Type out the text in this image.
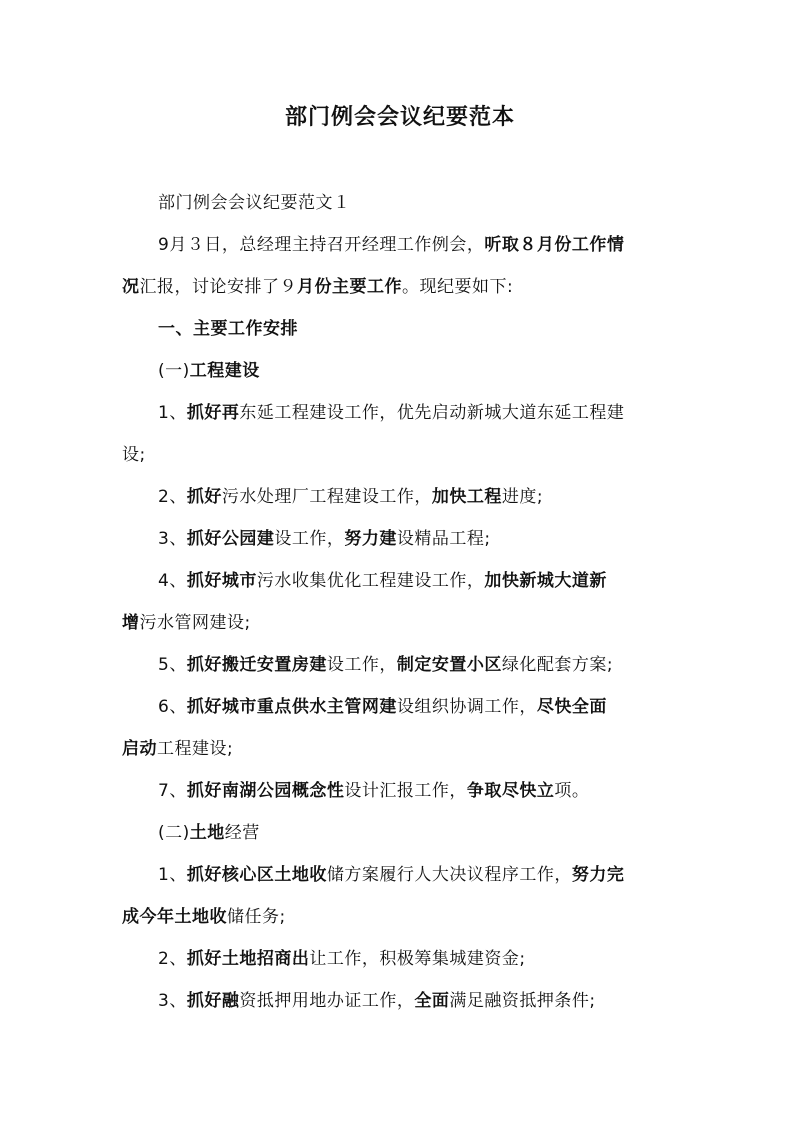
部门例会会议纪要范本
部门例会会议纪要范文１
9月３日，总经理主持召开经理工作例会，听取８月份工作情
况汇报，讨论安排了９月份主要工作。现纪要如下:
一、主要工作安排
(一)工程建设
1、抓好再东延工程建设工作，优先启动新城大道东延工程建
设;
2、抓好污水处理厂工程建设工作，加快工程进度;
3、抓好公园建设工作，努力建设精品工程;
4、抓好城市污水收集优化工程建设工作，加快新城大道新
增污水管网建设;
5、抓好搬迁安置房建设工作，制定安置小区绿化配套方案;
6、抓好城市重点供水主管网建设组织协调工作，尽快全面
启动工程建设;
7、抓好南湖公园概念性设计汇报工作，争取尽快立项。
(二)土地经营
1、抓好核心区土地收储方案履行人大决议程序工作，努力完
成今年土地收储任务;
2、抓好土地招商出让工作，积极筹集城建资金;
3、抓好融资抵押用地办证工作，全面满足融资抵押条件;
